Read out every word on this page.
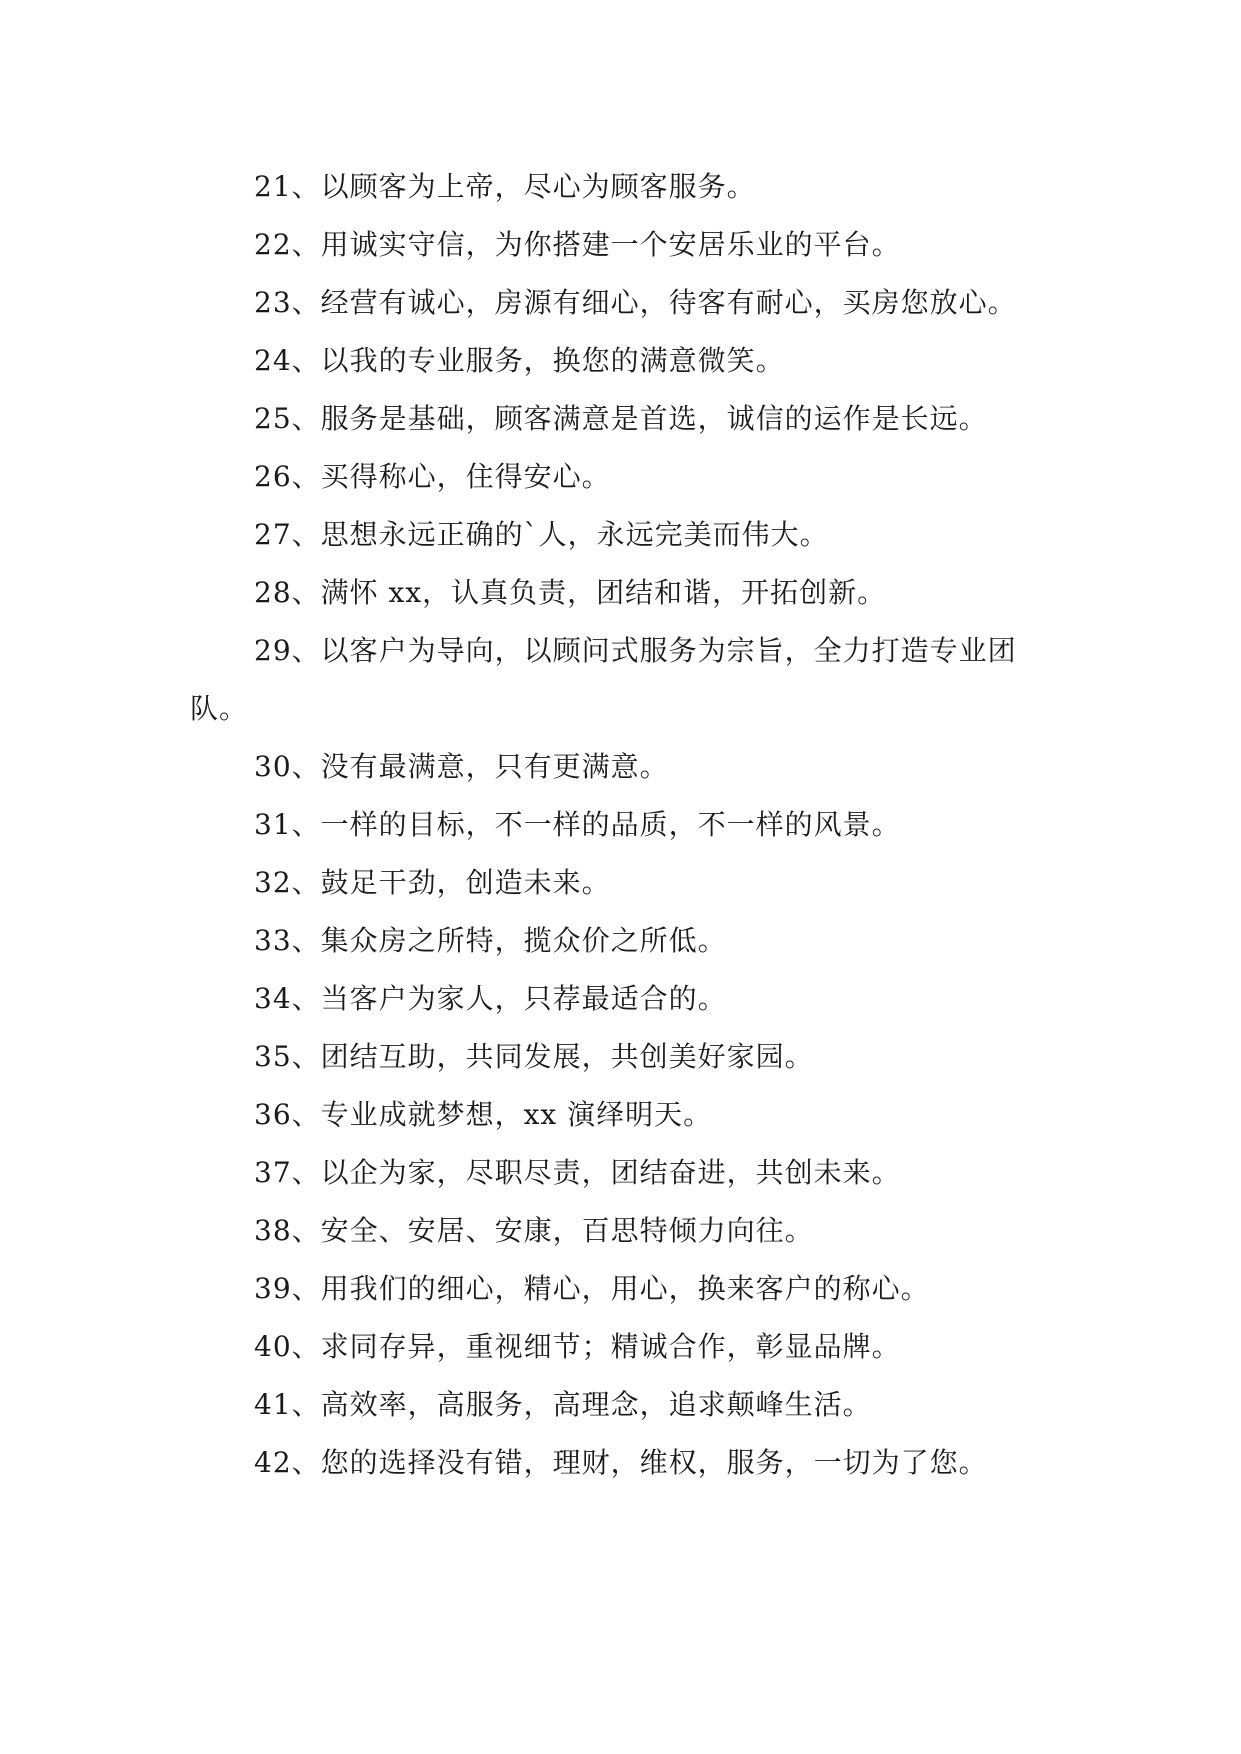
21、以顾客为上帝，尽心为顾客服务。

22、用诚实守信，为你搭建一个安居乐业的平台。

23、经营有诚心，房源有细心，待客有耐心，买房您放心。

24、以我的专业服务，换您的满意微笑。

25、服务是基础，顾客满意是首选，诚信的运作是长远。

26、买得称心，住得安心。

27、思想永远正确的`人，永远完美而伟大。

28、满怀 xx，认真负责，团结和谐，开拓创新。

29、以客户为导向，以顾问式服务为宗旨，全力打造专业团队。

30、没有最满意，只有更满意。

31、一样的目标，不一样的品质，不一样的风景。

32、鼓足干劲，创造未来。

33、集众房之所特，揽众价之所低。

34、当客户为家人，只荐最适合的。

35、团结互助，共同发展，共创美好家园。

36、专业成就梦想，xx 演绎明天。

37、以企为家，尽职尽责，团结奋进，共创未来。

38、安全、安居、安康，百思特倾力向往。

39、用我们的细心，精心，用心，换来客户的称心。

40、求同存异，重视细节；精诚合作，彰显品牌。

41、高效率，高服务，高理念，追求颠峰生活。

42、您的选择没有错，理财，维权，服务，一切为了您。
